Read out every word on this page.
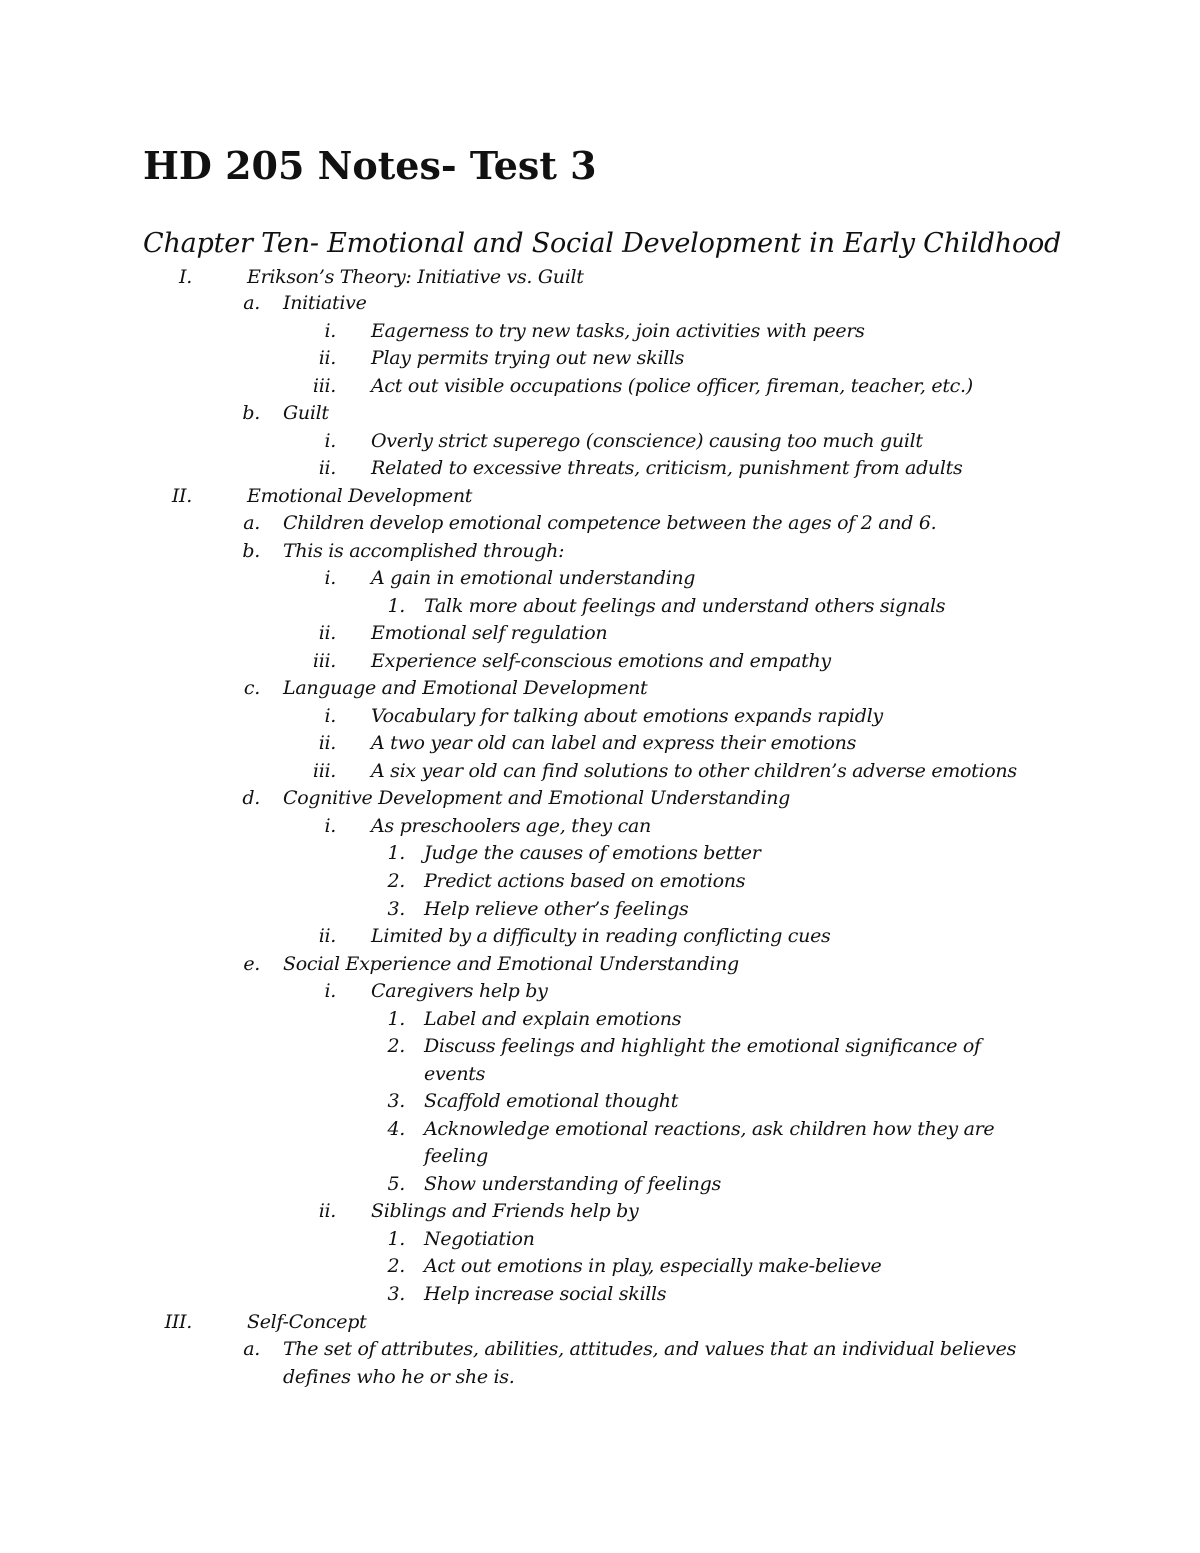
HD 205 Notes- Test 3
Chapter Ten- Emotional and Social Development in Early Childhood
I.	Erikson’s Theory: Initiative vs. Guilt
a. Initiative
i. Eagerness to try new tasks, join activities with peers
ii. Play permits trying out new skills
iii. Act out visible occupations (police officer, fireman, teacher, etc.)
b. Guilt
i. Overly strict superego (conscience) causing too much guilt
ii. Related to excessive threats, criticism, punishment from adults
II.	Emotional Development
a. Children develop emotional competence between the ages of 2 and 6.
b. This is accomplished through:
i. A gain in emotional understanding
1. Talk more about feelings and understand others signals
ii. Emotional self regulation
iii. Experience self-conscious emotions and empathy
c. Language and Emotional Development
i. Vocabulary for talking about emotions expands rapidly
ii. A two year old can label and express their emotions
iii. A six year old can find solutions to other children’s adverse emotions
d. Cognitive Development and Emotional Understanding
i. As preschoolers age, they can
1. Judge the causes of emotions better
2. Predict actions based on emotions
3. Help relieve other’s feelings
ii. Limited by a difficulty in reading conflicting cues
e. Social Experience and Emotional Understanding
i. Caregivers help by
1. Label and explain emotions
2. Discuss feelings and highlight the emotional significance of
events
3. Scaffold emotional thought
4. Acknowledge emotional reactions, ask children how they are
feeling
5. Show understanding of feelings
ii. Siblings and Friends help by
1. Negotiation
2. Act out emotions in play, especially make-believe
3. Help increase social skills
III.	Self-Concept
a. The set of attributes, abilities, attitudes, and values that an individual believes
defines who he or she is.
